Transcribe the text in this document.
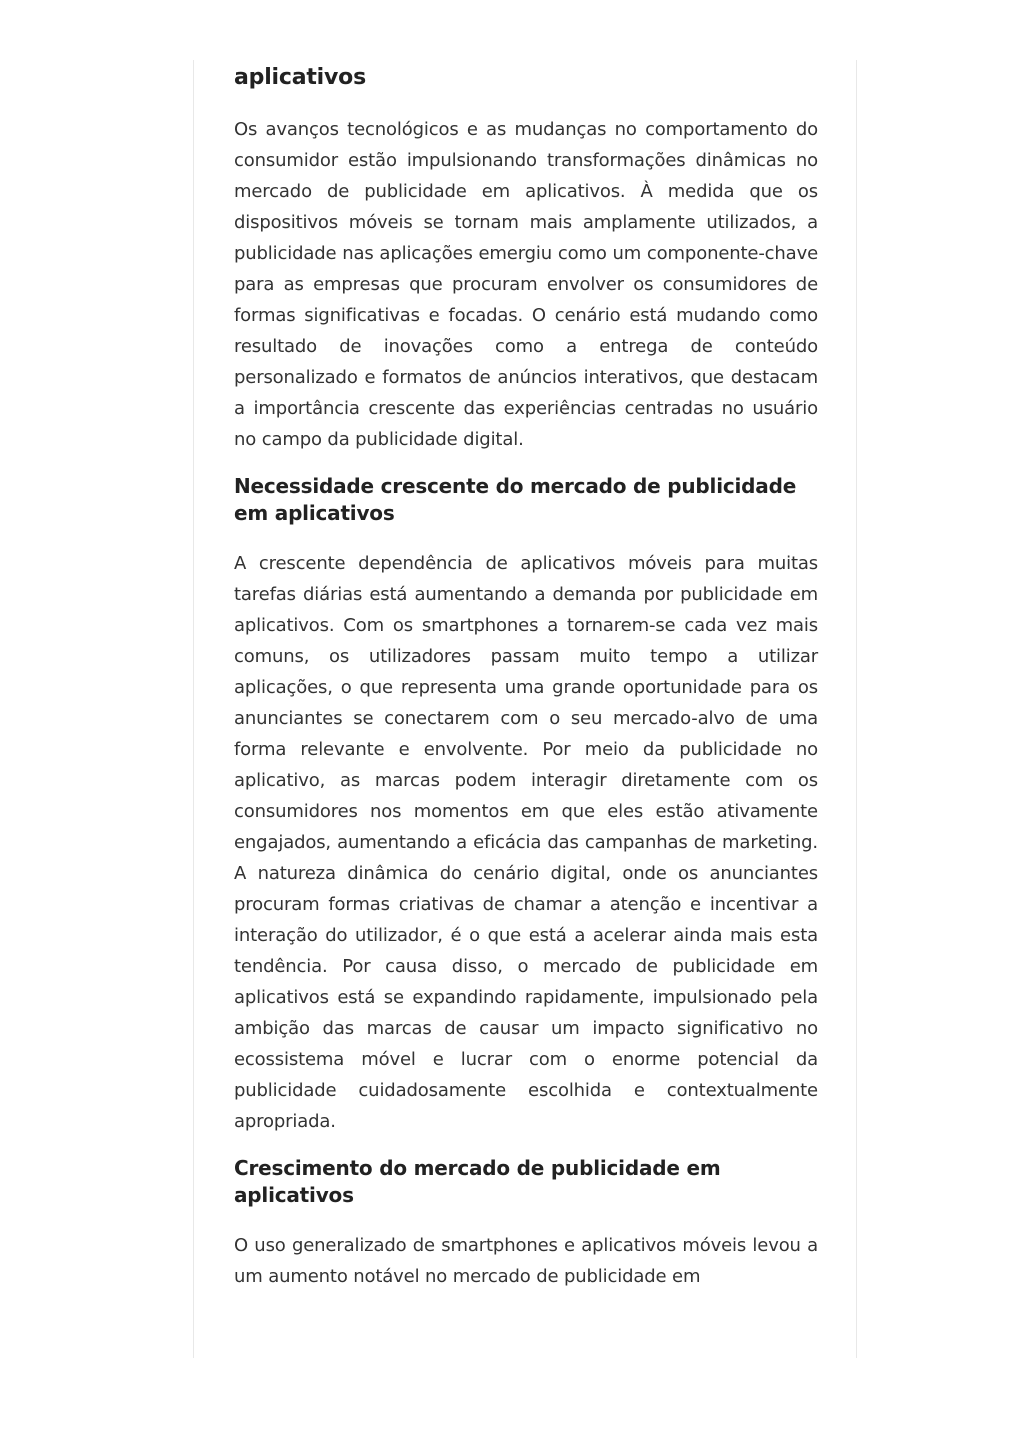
aplicativos

Os avanços tecnológicos e as mudanças no comportamento do consumidor estão impulsionando transformações dinâmicas no mercado de publicidade em aplicativos. À medida que os dispositivos móveis se tornam mais amplamente utilizados, a publicidade nas aplicações emergiu como um componente-chave para as empresas que procuram envolver os consumidores de formas significativas e focadas. O cenário está mudando como resultado de inovações como a entrega de conteúdo personalizado e formatos de anúncios interativos, que destacam a importância crescente das experiências centradas no usuário no campo da publicidade digital.

Necessidade crescente do mercado de publicidade em aplicativos

A crescente dependência de aplicativos móveis para muitas tarefas diárias está aumentando a demanda por publicidade em aplicativos. Com os smartphones a tornarem-se cada vez mais comuns, os utilizadores passam muito tempo a utilizar aplicações, o que representa uma grande oportunidade para os anunciantes se conectarem com o seu mercado-alvo de uma forma relevante e envolvente. Por meio da publicidade no aplicativo, as marcas podem interagir diretamente com os consumidores nos momentos em que eles estão ativamente engajados, aumentando a eficácia das campanhas de marketing. A natureza dinâmica do cenário digital, onde os anunciantes procuram formas criativas de chamar a atenção e incentivar a interação do utilizador, é o que está a acelerar ainda mais esta tendência. Por causa disso, o mercado de publicidade em aplicativos está se expandindo rapidamente, impulsionado pela ambição das marcas de causar um impacto significativo no ecossistema móvel e lucrar com o enorme potencial da publicidade cuidadosamente escolhida e contextualmente apropriada.

Crescimento do mercado de publicidade em aplicativos

O uso generalizado de smartphones e aplicativos móveis levou a um aumento notável no mercado de publicidade em
